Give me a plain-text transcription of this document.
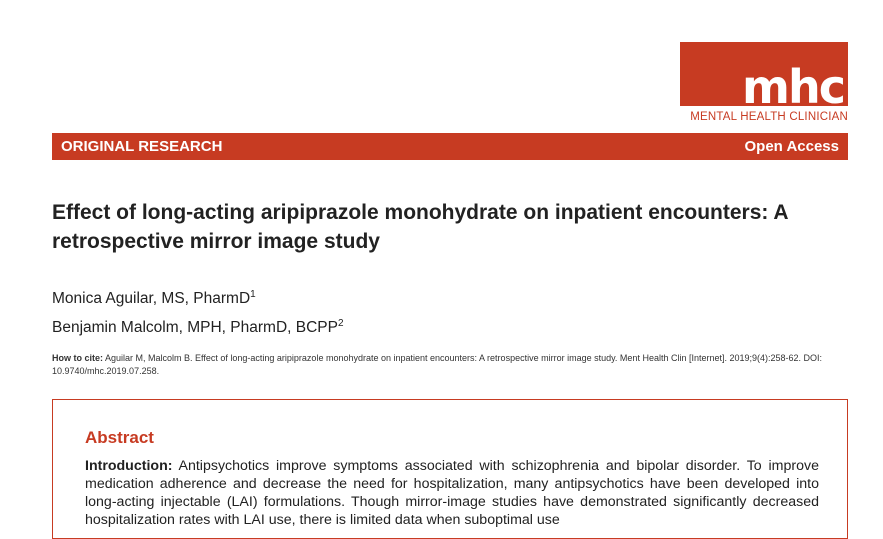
mhc
MENTAL HEALTH CLINICIAN
ORIGINAL RESEARCH	Open Access
Effect of long-acting aripiprazole monohydrate on inpatient encounters: A retrospective mirror image study
Monica Aguilar, MS, PharmD$^1$
Benjamin Malcolm, MPH, PharmD, BCPP$^2$

How to cite: Aguilar M, Malcolm B. Effect of long-acting aripiprazole monohydrate on inpatient encounters: A retrospective mirror image study. Ment Health Clin [Internet]. 2019;9(4):258-62. DOI: 10.9740/mhc.2019.07.258.

Abstract

Introduction: Antipsychotics improve symptoms associated with schizophrenia and bipolar disorder. To improve medication adherence and decrease the need for hospitalization, many antipsychotics have been developed into long-acting injectable (LAI) formulations. Though mirror-image studies have demonstrated significantly decreased hospitalization rates with LAI use, there is limited data when suboptimal use
